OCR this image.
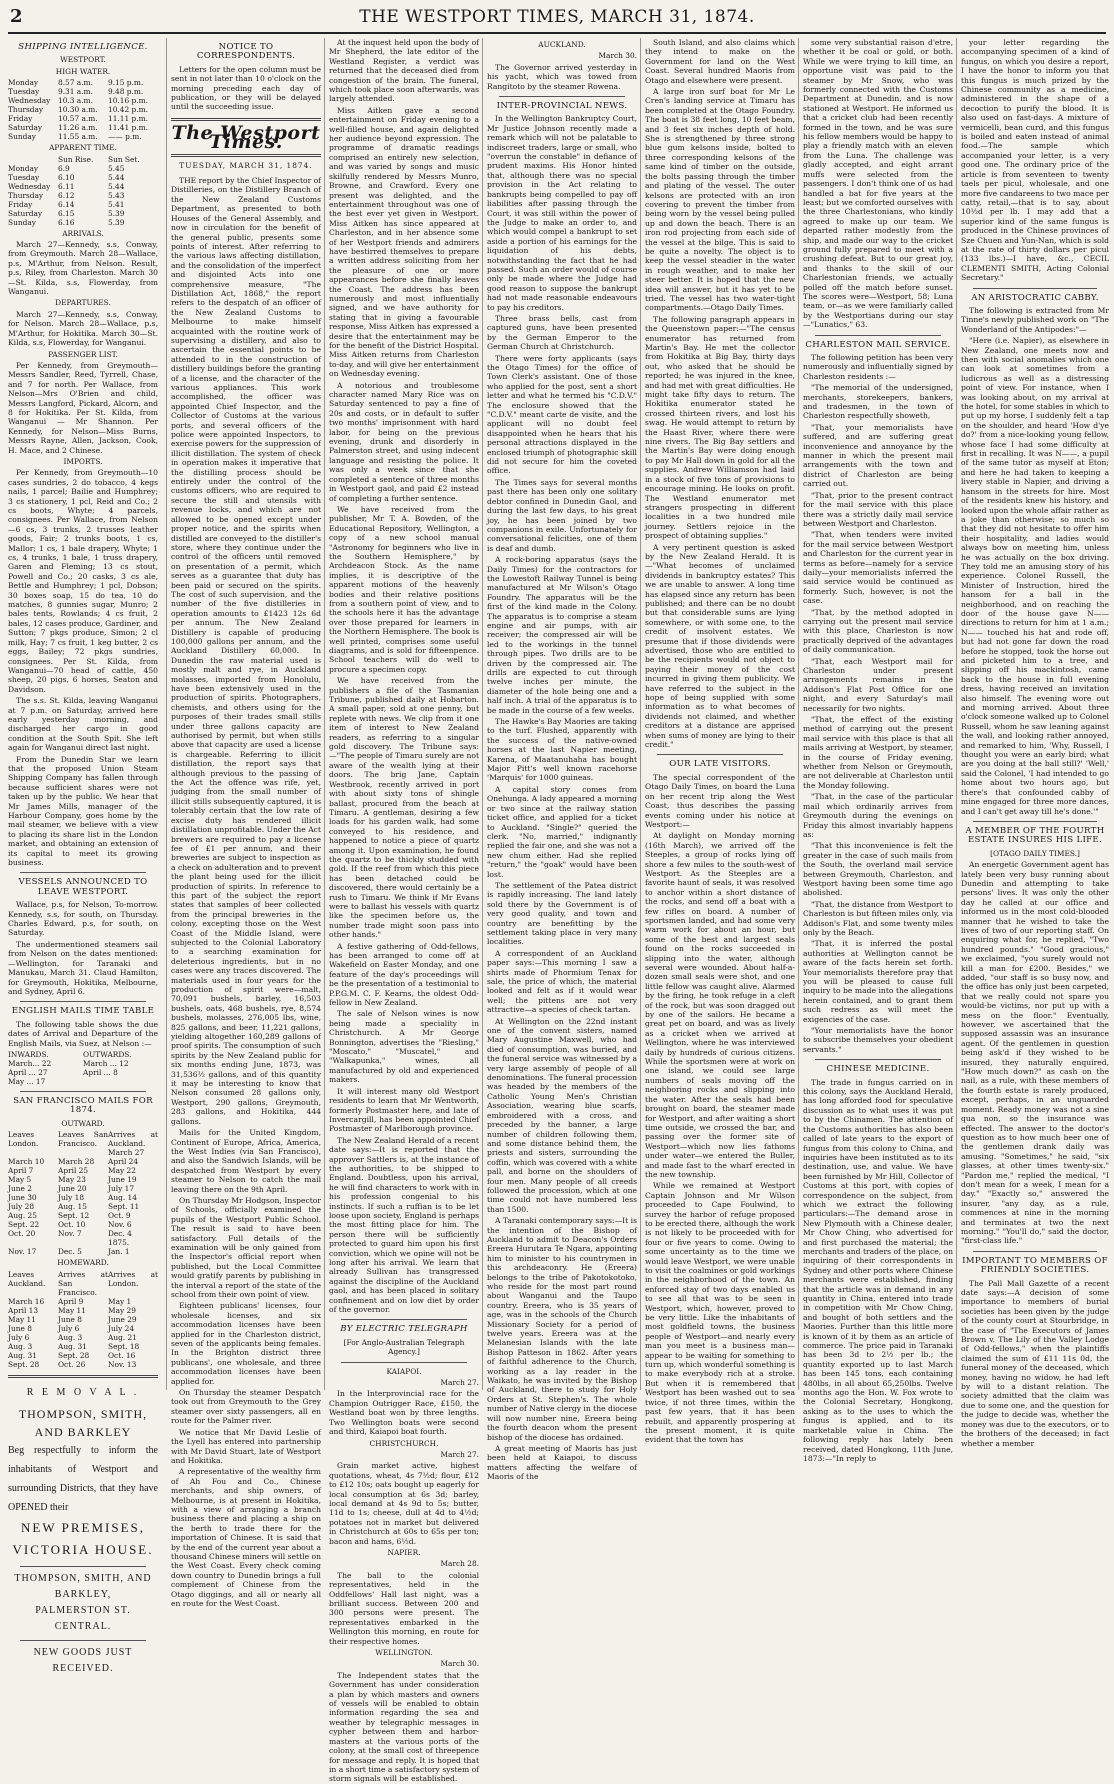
2	THE WESTPORT TIMES, MARCH 31, 1874.
SHIPPING INTELLIGENCE.
WESTPORT.
HIGH WATER.
Monday	8.57 a.m.	9.15 p.m.
Tuesday	9.31 a.m.	9.48 p.m.
Wednesday	10.3 a.m.	10.16 p.m.
Thursday	10.30 a.m.	10.42 p.m.
Friday	10.57 a.m.	11.11 p.m.
Saturday	11.26 a.m.	11.41 p.m.
Sunday	11.55 a.m.	—— p.m.
APPARENT TIME.
Sun Rise.	Sun Set.
Monday	6.9	5.45
Tuesday	6.10	5.44
Wednesday	6.11	5.44
Thursday	6.12	5.43
Friday	6.14	5.41
Saturday	6.15	5.39
Sunday	6.16	5.39
ARRIVALS.

March 27—Kennedy, s.s, Conway, from Greymouth. March 28—Wallace, p.s, M'Arthur, from Nelson. Result, p.s, Riley, from Charleston. March 30—St. Kilda, s.s, Flowerday, from Wanganui.

DEPARTURES.

March 27—Kennedy, s.s, Conway, for Nelson. March 28—Wallace, p.s, M'Arthur, for Hokitika. March 30—St. Kilda, s.s, Flowerday, for Wanganui.

PASSENGER LIST.

Per Kennedy, from Greymouth—Messrs Sandler, Reed, Tyrrell, Chase, and 7 for north. Per Wallace, from Nelson—Mrs O'Brien and child, Messrs Langford, Pickard, Alcorn, and 8 for Hokitika. Per St. Kilda, from Wanganui — Mr Shannon. Per Kennedy, for Nelson—Miss Burns, Messrs Rayne, Allen, Jackson, Cook, H. Mace, and 2 Chinese.

IMPORTS.

Per Kennedy, from Greymouth—10 cases sundries, 2 do tobacco, 4 kegs nails, 1 parcel; Bailie and Humphrey; 3 cs stationery, 1 pcl, Reid and Co.; 2 cs boots, Whyte; 4 parcels, consignees. Per Wallace, from Nelson—6 cs, 3 trunks, 2 trusses leather goods, Fair; 2 trunks boots, 1 cs, Mallor; 1 cs, 1 bale drapery, Whyte; 1 cs, 4 trunks, 1 bale, 1 truss drapery, Garen and Fleming; 13 cs stout, Powell and Co.; 20 casks, 3 cs ale, Bettle and Humphrey; 1 pcl, Dobson; 30 boxes soap, 15 do tea, 10 do matches, 8 gunnies sugar, Munro; 2 bales tents, Rowlands; 4 cs fruit, 2 bales, 12 cases produce, Gardiner, and Sutton; 7 pkgs produce, Simon; 2 cl milk, Hay; 7 cs fruit, 1 keg butter, 2 cs eggs, Bailey; 72 pkgs sundries, consignees. Per St. Kilda, from Wanganui—70 head of cattle, 450 sheep, 20 pigs, 6 horses, Seaton and Davidson.

The s.s. St. Kilda, leaving Wanganui at 7 p.m. on Saturday, arrived here early yesterday morning, and discharged her cargo in good condition at the South Spit. She left again for Wanganui direct last night.

From the Dunedin Star we learn that the proposed Union Steam Shipping Company has fallen through because sufficient shares were not taken up by the public. We hear that Mr James Mills, manager of the Harbour Company, goes home by the mail steamer, we believe with a view to placing its share list in the London market, and obtaining an extension of its capital to meet its growing business.

VESSELS ANNOUNCED TO LEAVE WESTPORT.

Wallace, p.s, for Nelson, To-morrow. Kennedy, s.s, for south, on Thursday. Charles Edward, p.s, for south, on Saturday.

The undermentioned steamers sail from Nelson on the dates mentioned:—Wellington, for Taranaki and Manukau, March 31. Claud Hamilton, for Greymouth, Hokitika, Melbourne, and Sydney, April 6.

ENGLISH MAILS TIME TABLE

The following table shows the due dates of Arrival and Departure of the English Mails, via Suez, at Nelson :—

INWARDS.	OUTWARDS.
March... 22	March ... 12
April ... 27	April ... 8
May ... 17
SAN FRANCISCO MAILS FOR 1874.
OUTWARD.
Leaves London.
Leaves San Francisco.
Arrives at Auckland.
March 27
March 10	March 28	April 24
April 7	April 25	May 22
May 5	May 23	June 19
June 2	June 20	July 17
June 30	July 18	Aug. 14
July 28	Aug. 15	Sept. 11
Aug. 25	Sept. 12	Oct. 9
Sept. 22	Oct. 10	Nov. 6
Oct. 20	Nov. 7	Dec. 4
1875.
Nov. 17	Dec. 5	Jan. 1
HOMEWARD.
Leaves Auckland.
Arrives at San Francisco.
Arrives at London.
March 16	April 9	May 1
April 13	May 11	May 29
May 11	June 8	June 29
June 8	July 6	July 24
July 6	Aug. 3	Aug. 21
Aug. 3	Aug. 31	Sept. 18
Aug. 31	Sept. 28	Oct. 16
Sept. 28	Oct. 26	Nov. 13
R E M O V A L .
THOMPSON, SMITH, AND BARKLEY
Beg respectfully to inform the inhabitants of Westport and surrounding Districts, that they have OPENED their
NEW PREMISES,
VICTORIA HOUSE.
THOMPSON, SMITH, AND BARKLEY,
PALMERSTON ST. CENTRAL.
NEW GOODS JUST RECEIVED.
NOTICE TO CORRESPONDENTS.

Letters for the open column must be sent in not later than 10 o'clock on the morning preceding each day of publication, or they will be delayed until the succeeding issue.

The Westport Times.
TUESDAY, MARCH 31, 1874.

THE report by the Chief Inspector of Distilleries, on the Distillery Branch of the New Zealand Customs Department, as presented to both Houses of the General Assembly, and now in circulation for the benefit of the general public, presents some points of interest. After referring to the various laws affecting distillation, and the consolidation of the imperfect and disjointed Acts into one comprehensive measure, "The Distillation Act, 1868," the report refers to the despatch of an officer of the New Zealand Customs to Melbourne to make himself acquainted with the routine work of supervising a distillery, and also to ascertain the essential points to be attended to in the construction of distillery buildings before the granting of a license, and the character of the various appliances. This work accomplished, the officer was appointed Chief Inspector, and the Collector of Customs at the various ports, and several officers of the police were appointed Inspectors, to exercise powers for the suppression of illicit distillation. The system of check in operation makes it imperative that the distilling process should be entirely under the control of the customs officers, who are required to secure the still and utensils with revenue locks, and which are not allowed to be opened except under proper notice, and the spirits when distilled are conveyed to the distiller's store, where they continue under the control of the officers until removed on presentation of a permit, which serves as a guarantee that duty has been paid or secured on the spirits. The cost of such supervision, and the number of the five distilleries in operation amounts to £1423 12s 6d per annum. The New Zealand Distillery is capable of producing 100,000 gallons per annum, and the Auckland Distillery 60,000. In Dunedin the raw material used is mostly malt and rye, in Auckland molasses, imported from Honolulu, have been extensively used in the production of spirits. Photographers, chemists, and others using for the purposes of their trades small stills under three gallons capacity are authorised by permit, but when stills above that capacity are used a license is chargeable. Referring to illicit distillation, the report says that although previous to the passing of the Act the offence was rife, yet, judging from the small number of illicit stills subsequently captured, it is tolerably certain that the low rate of excise duty has rendered illicit distillation unprofitable. Under the Act brewers are required to pay a license fee of £1 per annum, and their breweries are subject to inspection as a check on adulteration and to prevent the plant being used for the illicit production of spirits. In reference to this part of the subject the report states that samples of beer collected from the principal breweries in the colony, excepting those on the West Coast of the Middle Island, were subjected to the Colonial Laboratory to a searching examination for deleterious ingredients, but in no cases were any traces discovered. The materials used in four years for the production of spirit were—malt, 70,091 bushels, barley, 16,503 bushels, oats, 468 bushels, rye, 8,574 bushels, molasses, 276,005 lbs, wine, 825 gallons, and beer, 11,221 gallons, yielding altogether 160,289 gallons of proof spirits. The consumption of such spirits by the New Zealand public for six months ending June, 1873, was 31,536½ gallons, and of this quantity it may be interesting to know that Nelson consumed 28 gallons only, Westport, 290 gallons, Greymouth, 283 gallons, and Hokitika, 444 gallons.

Mails for the United Kingdom, Continent of Europe, Africa, America, the West Indies (via San Francisco), and also the Sandwich Islands, will be despatched from Westport by every steamer to Nelson to catch the mail leaving there on the 9th April.

On Thursday Mr Hodgson, Inspector of Schools, officially examined the pupils of the Westport Public School. The result is said to have been satisfactory. Full details of the examination will be only gained from the Inspector's official report when published, but the Local Committee would gratify parents by publishing in the interval a report of the state of the school from their own point of view.

Eighteen publicans' licenses, four wholesale licenses, and six accommodation licenses have been applied for in the Charleston district, seven of the applicants being females. In the Brighton district three publicans', one wholesale, and three accommodation licenses have been applied for.

On Thursday the steamer Despatch took out from Greymouth to the Grey steamer over sixty passengers, all en route for the Palmer river.

We notice that Mr David Leslie of the Lyell has entered into partnership with Mr David Stuart, late of Westport and Hokitika.

A representative of the wealthy firm of Ah Fou and Co., Chinese merchants, and ship owners, of Melbourne, is at present in Hokitika, with a view of arranging a branch business there and placing a ship on the berth to trade there for the importation of Chinese. It is said that by the end of the current year about a thousand Chinese miners will settle on the West Coast. Every check coming down country to Dunedin brings a full complement of Chinese from the Otago diggings, and all or nearly all en route for the West Coast.

At the inquest held upon the body of Mr Shepherd, the late editor of the Westland Register, a verdict was returned that the deceased died from congestion of the brain. The funeral, which took place soon afterwards, was largely attended.

Miss Aitken gave a second entertainment on Friday evening to a well-filled house, and again delighted her audience beyond expression. The programme of dramatic readings comprised an entirely new selection, and was varied by songs and music skilfully rendered by Messrs Munro, Browne, and Crawford. Every one present was delighted, and the entertainment throughout was one of the best ever yet given in Westport. Miss Aitken has since appeared at Charleston, and in her absence some of her Westport friends and admirers have bestirred themselves to prepare a written address soliciting from her the pleasure of one or more appearances before she finally leaves the Coast. The address has been numerously and most influentially signed, and we have authority for stating that in giving a favourable response, Miss Aitken has expressed a desire that the entertainment may be for the benefit of the District Hospital. Miss Aitken returns from Charleston to-day, and will give her entertainment on Wednesday evening.

A notorious and troublesome character named Mary Rice was on Saturday sentenced to pay a fine of 20s and costs, or in default to suffer two months' imprisonment with hard labor, for being on the previous evening, drunk and disorderly in Palmerston street, and using indecent language and resisting the police. It was only a week since that she completed a sentence of three months in Westport gaol, and paid £2 instead of completing a further sentence.

We have received from the publisher, Mr T. A. Bowden, of the Educational Repository, Wellington, a copy of a new school manual "Astronomy for beginners who live in the Southern Hemisphere," by Archdeacon Stock. As the name implies, it is descriptive of the apparent motions of the heavenly bodies and their relative positions from a southern point of view, and to the schools here it has the advantage over those prepared for learners in the Northern Hemisphere. The book is well printed, comprises some useful diagrams, and is sold for fifteenpence. School teachers will do well to procure a specimen copy.

We have received from the publishers a file of the Tasmanian Tribune, published daily at Hobarton. A small paper, sold at one penny, but replete with news. We clip from it one item of interest to New Zealand readers, as referring to a singular gold discovery. The Tribune says:—"The people of Timaru surely are not aware of the wealth lying at their doors. The brig Jane, Captain Westbrook, recently arrived in port with about sixty tons of shingle ballast, procured from the beach at Timaru. A gentleman, desiring a few loads for his garden walk, had some conveyed to his residence, and happened to notice a piece of quartz among it. Upon examination, he found the quartz to be thickly studded with gold. If the reef from which this piece has been detached could be discovered, there would certainly be a rush to Timaru. We think if Mr Evans were to ballast his vessels with quartz like the specimen before us, the number trade might soon pass into other hands."

A festive gathering of Odd-fellows, has been arranged to come off at Wakefield on Easter Monday, and one feature of the day's proceedings will be the presentation of a testimonial to P.P.G.M. C. F. Kearns, the oldest Odd-fellow in New Zealand.

The sale of Nelson wines is now being made a speciality in Christchurch. A Mr George Bonnington, advertises the "Riesling," "Moscato," "Muscatel," and "Walkapunka," wines, all manufactured by old and experienced makers.

It will interest many old Westport residents to learn that Mr Wentworth, formerly Postmaster here, and late of Invercargill, has been appointed Chief Postmaster of Marlborough province.

The New Zealand Herald of a recent date says:—It is reported that the approver Sattlers is, at the instance of the authorities, to be shipped to England. Doubtless, upon his arrival, he will find characters to work with in his profession congenial to his instincts. If such a ruffian is to be let loose upon society, England is perhaps the most fitting place for him. The person there will be sufficiently protected to guard him upon his first conviction, which we opine will not be long after his arrival. We learn that already Sullivan has transgressed against the discipline of the Auckland gaol, and has been placed in solitary confinement and on low diet by order of the governor.

BY ELECTRIC TELEGRAPH
[For Anglo-Australian Telegraph Agency.]
KAIAPOI.
March 27.

In the Interprovincial race for the Champion Outrigger Race, £150, the Westland boat won by three lengths. Two Wellington boats were second and third, Kaiapoi boat fourth.

CHRISTCHURCH.
March 27.

Grain market active, highest quotations, wheat, 4s 7½d; flour, £12 to £12 10s; oats bought up eagerly for local consumption at 6s 3d; barley, local demand at 4s 9d to 5s; butter, 11d to 1s; cheese, dull at 4d to 4½d; potatoes not in market but delivered in Christchurch at 60s to 65s per ton; bacon and hams, 6½d.

NAPIER.
March 28.

The ball to the colonial representatives, held in the Oddfellows' Hall last night, was a brilliant success. Between 200 and 300 persons were present. The representatives embarked in the Wellington this morning, en route for their respective homes.

WELLINGTON.
March 30.

The Independent states that the Government has under consideration a plan by which masters and owners of vessels will be enabled to obtain information regarding the sea and weather by telegraphic messages in cypher between them and harbor-masters at the various ports of the colony, at the small cost of threepence for message and reply. It is hoped that in a short time a satisfactory system of storm signals will be established.

AUCKLAND.
March 30.

The Governor arrived yesterday in his yacht, which was towed from Rangitoto by the steamer Rowena.

INTER-PROVINCIAL NEWS.

In the Wellington Bankruptcy Court, Mr Justice Johnson recently made a remark which will not be palatable to indiscreet traders, large or small, who "overrun the constable" in defiance of prudent maxims. His Honor hinted that, although there was no special provision in the Act relating to bankrupts being compelled to pay off liabilities after passing through the Court, it was still within the power of the Judge to make an order to, and which would compel a bankrupt to set aside a portion of his earnings for the liquidation of his debts, notwithstanding the fact that he had passed. Such an order would of course only be made where the Judge had good reason to suppose the bankrupt had not made reasonable endeavours to pay his creditors.

Three brass bells, cast from captured guns, have been presented by the German Emperor to the German Church at Christchurch.

There were forty applicants (says the Otago Times) for the office of Town Clerk's assistant. One of those who applied for the post, sent a short letter and what he termed his "C.D.V." The enclosure showed that the "C.D.V." meant carte de visite, and the applicant will no doubt feel disappointed when he hears that his personal attractions displayed in the enclosed triumph of photographic skill did not secure for him the coveted office.

The Times says for several months past there has been only one solitary debtor confined in Dunedin Gaol, and during the last few days, to his great joy, he has been joined by two companions in exile. Unfortunately for conversational felicities, one of them is deaf and dumb.

A rock-boring apparatus (says the Daily Times) for the contractors for the Lowestoft Railway Tunnel is being manufactured at Mr Wilson's Otago Foundry. The apparatus will be the first of the kind made in the Colony. The apparatus is to comprise a steam engine and air pumps, with air receiver; the compressed air will be led to the workings in the tunnel through pipes. Two drills are to be driven by the compressed air. The drills are expected to cut through twelve inches per minute, the diameter of the hole being one and a half inch. A trial of the apparatus is to be made in the course of a few weeks.

The Hawke's Bay Maories are taking to the turf. Flushed, apparently with the success of the native-owned horses at the last Napier meeting, Karena, of Maatanuhaha has bought Major Pitt's well known racehorse 'Marquis' for 1000 guineas.

A capital story comes from Onehunga. A lady appeared a morning or two since at the railway station ticket office, and applied for a ticket to Auckland. "Single?" queried the clerk. "No, married," indignantly replied the fair one, and she was not a new chum either. Had she replied "return," the "goak" would have been lost.

The settlement of the Patea district is rapidly increasing. The land lately sold there by the Government is of very good quality, and town and country are benefitting by the settlement taking place in very many localities.

A correspondent of an Auckland paper says:—This morning I saw a shirts made of Phormium Tenax for sale, the price of which, the material looked and felt as if it would wear well; the pittens are not very attractive—a species of check tartan.

At Wellington on the 22nd instant one of the convent sisters, named Mary Augustine Maxwell, who had died of consumption, was buried, and the funeral service was witnessed by a very large assembly of people of all denominations. The funeral procession was headed by the members of the Catholic Young Men's Christian Association, wearing blue scarfs, embroidered with a cross, and preceded by the banner, a large number of children following them, and some distance behind them, the priests and sisters, surrounding the coffin, which was covered with a white pall, and borne on the shoulders of four men. Many people of all creeds followed the procession, which at one time could not have numbered less than 1500.

A Taranaki contemporary says:—It is the intention of the Bishop of Auckland to admit to Deacon's Orders Ereera Hurutara Te Ngara, appointing him to minister to his countrymen in this archdeaconry. He (Ereera) belongs to the tribe of Pakotokotoko, who reside for the most part round about Wanganui and the Taupo country. Ereera, who is 35 years of age, was in the schools of the Church Missionary Society for a period of twelve years. Ereera was at the Melanesian Islands with the late Bishop Patteson in 1862. After years of faithful adherence to the Church, working as a lay reader in the Waikato, he was invited by the Bishop of Auckland, there to study for Holy Orders at St. Stephen's. The whole number of Native clergy in the diocese will now number nine, Ereera being the fourth deacon whom the present bishop of the diocese has ordained.

A great meeting of Maoris has just been held at Kaiapoi, to discuss matters affecting the welfare of Maoris of the

South Island, and also claims which they intend to make on the Government for land on the West Coast. Several hundred Maoris from Otago and elsewhere were present.

A large iron surf boat for Mr Le Cren's landing service at Timaru has been completed at the Otago Foundry. The boat is 38 feet long, 10 feet beam, and 3 feet six inches depth of hold. She is strengthened by three strong blue gum kelsons inside, bolted to three corresponding kelsons of the same kind of timber on the outside, the bolts passing through the timber and plating of the vessel. The outer kelsons are protected with an iron covering to prevent the timber from being worn by the vessel being pulled up and down the beach. There is an iron rod projecting from each side of the vessel at the bilge. This is said to be quite a novelty. The object is to keep the vessel steadier in the water in rough weather, and to make her steer better. It is hoped that the new idea will answer, but it has yet to be tried. The vessel has two water-tight compartments.—Otago Daily Times.

The following paragraph appears in the Queenstown paper:—"The census enumerator has returned from Martin's Bay. He met the collector from Hokitika at Big Bay, thirty days out, who asked that he should be reported; he was injured in the knee, and had met with great difficulties. He might take fifty days to return. The Hokitika enumerator stated he crossed thirteen rivers, and lost his swag. He would attempt to return by the Haast River, where there were nine rivers. The Big Bay settlers and the Martin's Bay were doing enough to pay Mr Hall down in gold for all the supplies. Andrew Williamson had laid in a stock of five tons of provisions to encourage mining. He looks on profit. The Westland enumerator met strangers prospecting in different localities in a two hundred mile journey. Settlers rejoice in the prospect of obtaining supplies."

A very pertinent question is asked by the New Zealand Herald. It is—"What becomes of unclaimed dividends in bankruptcy estates? This we are unable to answer. A long time has elapsed since any return has been published; and there can be no doubt but that considerable sums are lying somewhere, or with some one, to the credit of insolvent estates. We presume that if those dividends were advertised, those who are entitled to be the recipients would not object to paying their money of the cost incurred in giving them publicity. We have referred to the subject in the hope of being supplied with some information as to what becomes of dividends not claimed, and whether creditors at a distance are apprised when sums of money are lying to their credit."

OUR LATE VISITORS.

The special correspondent of the Otago Daily Times, on board the Luna on her recent trip along the West Coast, thus describes the passing events coming under his notice at Westport:—

At daylight on Monday morning (16th March), we arrived off the Steeples, a group of rocks lying off shore a few miles to the south-west of Westport. As the Steeples are a favorite haunt of seals, it was resolved to anchor within a short distance of the rocks, and send off a boat with a few rifles on board. A number of sportsmen landed, and had some very warm work for about an hour, but some of the best and largest seals found on the rocks succeeded in slipping into the water, although several were wounded. About half-a-dozen small seals were shot, and one little fellow was caught alive. Alarmed by the firing, he took refuge in a cleft of the rock, but was soon dragged out by one of the sailors. He became a great pet on board, and was as lively as a cricket when we arrived at Wellington, where he was interviewed daily by hundreds of curious citizens. While the sportsmen were at work on one island, we could see large numbers of seals moving off the neighboring rocks and slipping into the water. After the seals had been brought on board, the steamer made for Westport, and after waiting a short time outside, we crossed the bar, and passing over the former site of Westport—which now lies fathoms under water—we entered the Buller, and made fast to the wharf erected in the new township.

While we remained at Westport Captain Johnson and Mr Wilson proceeded to Cape Foulwind, to survey the harbor of refuge proposed to be erected there, although the work is not likely to be proceeded with for four or five years to come. Owing to some uncertainty as to the time we would leave Westport, we were unable to visit the coalmines or gold workings in the neighborhood of the town. An enforced stay of two days enabled us to see all that was to be seen in Westport, which, however, proved to be very little. Like the inhabitants of most goldfield towns, the business people of Westport—and nearly every man you meet is a business man—appear to be waiting for something to turn up, which wonderful something is to make everybody rich at a stroke. But when it is remembered that Westport has been washed out to sea twice, if not three times, within the past few years, that it has been rebuilt, and apparently prospering at the present moment, it is quite evident that the town has

some very substantial raison d'etre, whether it be coal or gold, or both. While we were trying to kill time, an opportune visit was paid to the steamer by Mr Snow, who was formerly connected with the Customs Department at Dunedin, and is now stationed at Westport. He informed us that a cricket club had been recently formed in the town, and he was sure his fellow members would be happy to play a friendly match with an eleven from the Luna. The challenge was gladly accepted, and eight arrant muffs were selected from the passengers. I don't think one of us had handled a bat for five years at the least; but we comforted ourselves with the three Charlestonians, who kindly agreed to make up our team. We departed rather modestly from the ship, and made our way to the cricket ground fully prepared to meet with a crushing defeat. But to our great joy, and thanks to the skill of our Charlestonian friends, we actually polled off the match before sunset. The scores were—Westport, 58; Luna team, or—as we were familiarly called by the Westportians during our stay—"Lunatics," 63.

CHARLESTON MAIL SERVICE.

The following petition has been very numerously and influentially signed by Charleston residents :—

"The memorial of the undersigned, merchants, storekeepers, bankers, and tradesmen, in the town of Charleston respectfully showeth,

"That, your memorialists have suffered, and are suffering great inconvenience and annoyance by the manner in which the present mail arrangements with the town and district of Charleston are being carried out.

"That, prior to the present contract for the mail service with this place there was a strictly daily mail service between Westport and Charleston.

"That, when tenders were invited for the mail service between Westport and Charleston for the current year in terms as before—namely for a service daily—your memorialists inferred the said service would be continued as formerly. Such, however, is not the case.

"That, by the method adopted in carrying out the present mail service with this place, Charleston is now practically deprived of the advantages of daily communication.

"That, each Westport mail for Charleston under present arrangements remains in the Addison's Flat Post Office for one night, and every Saturday's mail necessarily for two nights.

"That, the effect of the existing method of carrying out the present mail service with this place is that all mails arriving at Westport, by steamer, in the course of Friday evening, whether from Nelson or Greymouth, are not deliverable at Charleston until the Monday following.

"That, in the case of the particular mail which ordinarily arrives from Greymouth during the evenings on Friday this almost invariably happens as:

"That this inconvenience is felt the greater in the case of such mails from the South, the overland mail service between Greymouth, Charleston, and Westport having been some time ago abolished.

"That, the distance from Westport to Charleston is but fifteen miles only, via Addison's Flat, and some twenty miles only by the Beach.

"That, it is inferred the postal authorities at Wellington cannot be aware of the facts herein set forth. Your memorialists therefore pray that you will be pleased to cause full inquiry to be made into the allegations herein contained, and to grant them such redress as will meet the exigencies of the case.

"Your memorialists have the honor to subscribe themselves your obedient servants."

CHINESE MEDICINE.

The trade in fungus carried on in this colony, says the Auckland Herald, has long afforded food for speculative discussion as to what uses it was put to by the Chinamen. The attention of the Customs authorities has also been called of late years to the export of fungus from this colony to China, and inquiries have been instituted as to its destination, use, and value. We have been furnished by Mr Hill, Collector of Customs at this port, with copies of correspondence on the subject, from which we extract the following particulars:—The demand arose in New Plymouth with a Chinese dealer, Mr Chow Ching, who advertised for and first purchased the material; the merchants and traders of the place, on inquiring of their correspondents in Sydney and other ports where Chinese merchants were established, finding that the article was in demand in any quantity in China, entered into trade in competition with Mr Chow Ching, and bought of both settlers and the Maories. Further than this little more is known of it by them as an article of commerce. The price paid in Taranaki has been 3d to 2½ per lb.; the quantity exported up to last March has been 145 tons, each containing 480lbs, in all about 65,250lbs. Twelve months ago the Hon. W. Fox wrote to the Colonial Secretary, Hongkong, asking as to the uses to which the fungus is applied, and to its marketable value in China. The following reply has lately been received, dated Hongkong, 11th June, 1873:—"In reply to

your letter regarding the accompanying specimen of a kind of fungus, on which you desire a report, I have the honor to inform you that this fungus is much prized by the Chinese community as a medicine, administered in the shape of a decoction to purify the blood. It is also used on fast-days. A mixture of vermicelli, bean curd, and this fungus is boiled and eaten instead of animal food.—The sample which accompanied your letter, is a very good one. The ordinary price of the article is from seventeen to twenty taels per picul, wholesale, and one more five candareens to two mace per catty, retail,—that is to say, about 10½d per lb. I may add that a superior kind of the same fungus is produced in the Chinese provinces of Sze Chuen and Yun-Nan, which is sold at the rate of thirty dollars per picul (133 lbs.)—I have, &c., CECIL CLEMENTI SMITH, Acting Colonial Secretary."

AN ARISTOCRATIC CABBY.

The following is extracted from Mr Tinne's newly published work on "The Wonderland of the Antipodes:"—

"Here (i.e. Napier), as elsewhere in New Zealand, one meets now and then with social anomalies which one can look at sometimes from a ludicrous as well as a distressing point of view. For instance, when I was looking about, on my arrival at the hotel, for some stables in which to put up my horse, I suddenly felt a tap on the shoulder, and heard 'How d'ye do?' from a nice-looking young fellow, whose face I had some difficulty at first in recalling. It was N——, a pupil of the same tutor as myself at Eton; and here he had taken to keeping a livery stable in Napier, and driving a hansom in the streets for hire. Most of the residents knew his history, and looked upon the whole affair rather as a joke than otherwise; so much so that they did not hesitate to offer him their hospitality, and ladies would always bow on meeting him, unless he was actually on the box driving. They told me an amusing story of his experience. Colonel Russell, the Minister of Instruction, hired the hansom for a ball in the neighborhood, and on reaching the door of the house gave N—— directions to return for him at 1 a.m.; N—— touched his hat and rode off, but had not gone far down the road before he stopped, took the horse out and picketed him to a tree, and slipping off his mackintosh, came back to the house in full evening dress, having received an invitation also himself. The evening wore out and morning arrived. About three o'clock someone walked up to Colonel Russell, whom he saw leaning against the wall, and looking rather annoyed, and remarked to him, 'Why, Russell, I thought you were an early bird; what are you doing at the ball still?' 'Well,' said the Colonel, 'I had intended to go home about two hours ago, but there's that confounded cabby of mine engaged for three more dances, and I can't get away till he's done.'"

A MEMBER OF THE FOURTH ESTATE INSURES HIS LIFE.
[OTAGO DAILY TIMES.]

An energetic Government agent has lately been very busy running about Dunedin and attempting to take persons' lives. It was only the other day he called at our office and informed us in the most cold-blooded manner that he wished to take the lives of two of our reporting staff. On enquiring what for, he replied, "Two hundred pounds." "Good gracious," we exclaimed, "you surely would not kill a man for £200. Besides," we added, "our staff is so busy now, and the office has only just been carpeted, that we really could not spare you would-be victims, nor put up with a mess on the floor." Eventually, however, we ascertained that the supposed assassin was an insurance agent. Of the gentlemen in question being ask'd if they wished to be insured, they naturally enquired, "How much down?" as cash on the nail, as a rule, with these members of the fourth estate is rarely produced, except, perhaps, in an unguarded moment. Ready money was not a sine qua non, so the insurance was effected. The answer to the doctor's question as to how much beer one of the gentlemen drank daily was amusing. "Sometimes," he said, "six glasses, at other times twenty-six." "Pardon me," replied the medical, "I don't mean for a week, I mean for a day." "Exactly so," answered the insurer, "any day, as a rule, commences at nine in the morning and terminates at two the next morning." "You'll do," said the doctor, "first-class life."

IMPORTANT TO MEMBERS OF FRIENDLY SOCIETIES.

The Pall Mall Gazette of a recent date says:—A decision of some importance to members of burial societies has been given by the judge of the county court at Stourbridge, in the case of "The Executors of James Brown v. The Lily of the Valley Lodge of Odd-fellows," when the plaintiffs claimed the sum of £11 11s 0d, the funeral money of the deceased, which money, having no widow, he had left by will to a distant relation. The society admitted that the claim was due to some one, and the question for the judge to decide was, whether the money was due to the executors, or to the brothers of the deceased; in fact whether a member
